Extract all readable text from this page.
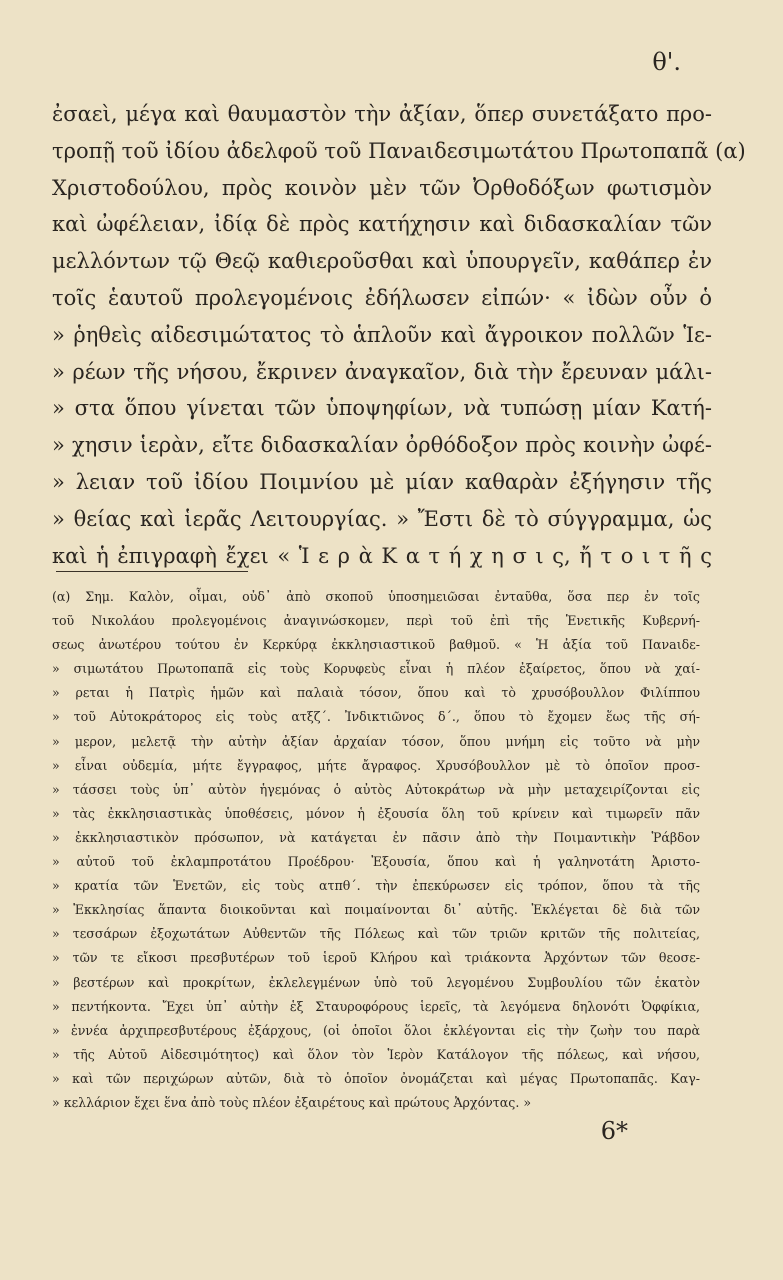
θ'.
ἐσαεὶ, μέγα καὶ θαυμαστὸν τὴν ἀξίαν, ὅπερ συνετάξατο προ-
τροπῇ τοῦ ἰδίου ἀδελφοῦ τοῦ Πανaιδεσιμωτάτου Πρωτοπαπᾶ (α)
Χριστοδούλου, πρὸς κοινὸν μὲν τῶν Ὀρθοδόξων φωτισμὸν
καὶ ὠφέλειαν, ἰδίᾳ δὲ πρὸς κατήχησιν καὶ διδασκαλίαν τῶν
μελλόντων τῷ Θεῷ καθιεροῦσθαι καὶ ὑπουργεῖν, καθάπερ ἐν
τοῖς ἑαυτοῦ προλεγομένοις ἐδήλωσεν εἰπών· « ἰδὼν οὖν ὁ
» ῥηθεὶς αἰδεσιμώτατος τὸ ἁπλοῦν καὶ ἄγροικον πολλῶν Ἱε-
» ρέων τῆς νήσου, ἔκρινεν ἀναγκαῖον, διὰ τὴν ἔρευναν μάλι-
» στα ὅπου γίνεται τῶν ὑποψηφίων, νὰ τυπώσῃ μίαν Κατή-
» χησιν ἱερὰν, εἴτε διδασκαλίαν ὀρθόδοξον πρὸς κοινὴν ὠφέ-
» λειαν τοῦ ἰδίου Ποιμνίου μὲ μίαν καθαρὰν ἐξήγησιν τῆς
» θείας καὶ ἱερᾶς Λειτουργίας. » Ἔστι δὲ τὸ σύγγραμμα, ὡς
καὶ ἡ ἐπιγραφὴ ἔχει « Ἱ ε ρ ὰ Κ α τ ή χ η σ ι ς, ἤ τ ο ι τ ῆ ς
(α) Σημ. Καλὸν, οἶμαι, οὐδ᾽ ἀπὸ σκοποῦ ὑποσημειῶσαι ἐνταῦθα, ὅσα περ ἐν τοῖς
τοῦ Νικολάου προλεγομένοις ἀναγινώσκομεν, περὶ τοῦ ἐπὶ τῆς Ἑνετικῆς Κυβερνή-
σεως ἀνωτέρου τούτου ἐν Κερκύρᾳ ἐκκλησιαστικοῦ βαθμοῦ. « Ἡ ἀξία τοῦ Πανaιδε-
» σιμωτάτου Πρωτοπαπᾶ εἰς τοὺς Κορυφεὺς εἶναι ἡ πλέον ἐξαίρετος, ὅπου νὰ χαί-
» ρεται ἡ Πατρὶς ἡμῶν καὶ παλαιὰ τόσον, ὅπου καὶ τὸ χρυσόβουλλον Φιλίππου
» τοῦ Αὐτοκράτορος εἰς τοὺς ατξζ΄. Ἰνδικτιῶνος δ΄., ὅπου τὸ ἔχομεν ἕως τῆς σή-
» μερον, μελετᾷ τὴν αὐτὴν ἀξίαν ἀρχαίαν τόσον, ὅπου μνήμη εἰς τοῦτο νὰ μὴν
» εἶναι οὐδεμία, μήτε ἔγγραφος, μήτε ἄγραφος. Χρυσόβουλλον μὲ τὸ ὁποῖον προσ-
» τάσσει τοὺς ὑπ᾽ αὐτὸν ἡγεμόνας ὁ αὐτὸς Αὐτοκράτωρ νὰ μὴν μεταχειρίζονται εἰς
» τὰς ἐκκλησιαστικὰς ὑποθέσεις, μόνον ἡ ἐξουσία ὅλη τοῦ κρίνειν καὶ τιμωρεῖν πᾶν
» ἐκκλησιαστικὸν πρόσωπον, νὰ κατάγεται ἐν πᾶσιν ἀπὸ τὴν Ποιμαντικὴν Ῥάβδον
» αὐτοῦ τοῦ ἐκλαμπροτάτου Προέδρου· Ἐξουσία, ὅπου καὶ ἡ γαληνοτάτη Ἀριστο-
» κρατία τῶν Ἑνετῶν, εἰς τοὺς ατπθ΄. τὴν ἐπεκύρωσεν εἰς τρόπον, ὅπου τὰ τῆς
» Ἐκκλησίας ἅπαντα διοικοῦνται καὶ ποιμαίνονται δι᾽ αὐτῆς. Ἐκλέγεται δὲ διὰ τῶν
» τεσσάρων ἐξοχωτάτων Αὐθεντῶν τῆς Πόλεως καὶ τῶν τριῶν κριτῶν τῆς πολιτείας,
» τῶν τε εἴκοσι πρεσβυτέρων τοῦ ἱεροῦ Κλήρου καὶ τριάκοντα Ἀρχόντων τῶν θεοσε-
» βεστέρων καὶ προκρίτων, ἐκλελεγμένων ὑπὸ τοῦ λεγομένου Συμβουλίου τῶν ἑκατὸν
» πεντήκοντα. Ἔχει ὑπ᾽ αὐτὴν ἑξ Σταυροφόρους ἱερεῖς, τὰ λεγόμενα δηλονότι Ὀφφίκια,
» ἐννέα ἀρχιπρεσβυτέρους ἐξάρχους, (οἱ ὁποῖοι ὅλοι ἐκλέγονται εἰς τὴν ζωὴν του παρὰ
» τῆς Αὐτοῦ Αἰδεσιμότητος) καὶ ὅλον τὸν Ἱερὸν Κατάλογον τῆς πόλεως, καὶ νήσου,
» καὶ τῶν περιχώρων αὐτῶν, διὰ τὸ ὁποῖον ὀνομάζεται καὶ μέγας Πρωτοπαπᾶς. Καγ-
» κελλάριον ἔχει ἕνα ἀπὸ τοὺς πλέον ἐξαιρέτους καὶ πρώτους Ἀρχόντας. »
6*
